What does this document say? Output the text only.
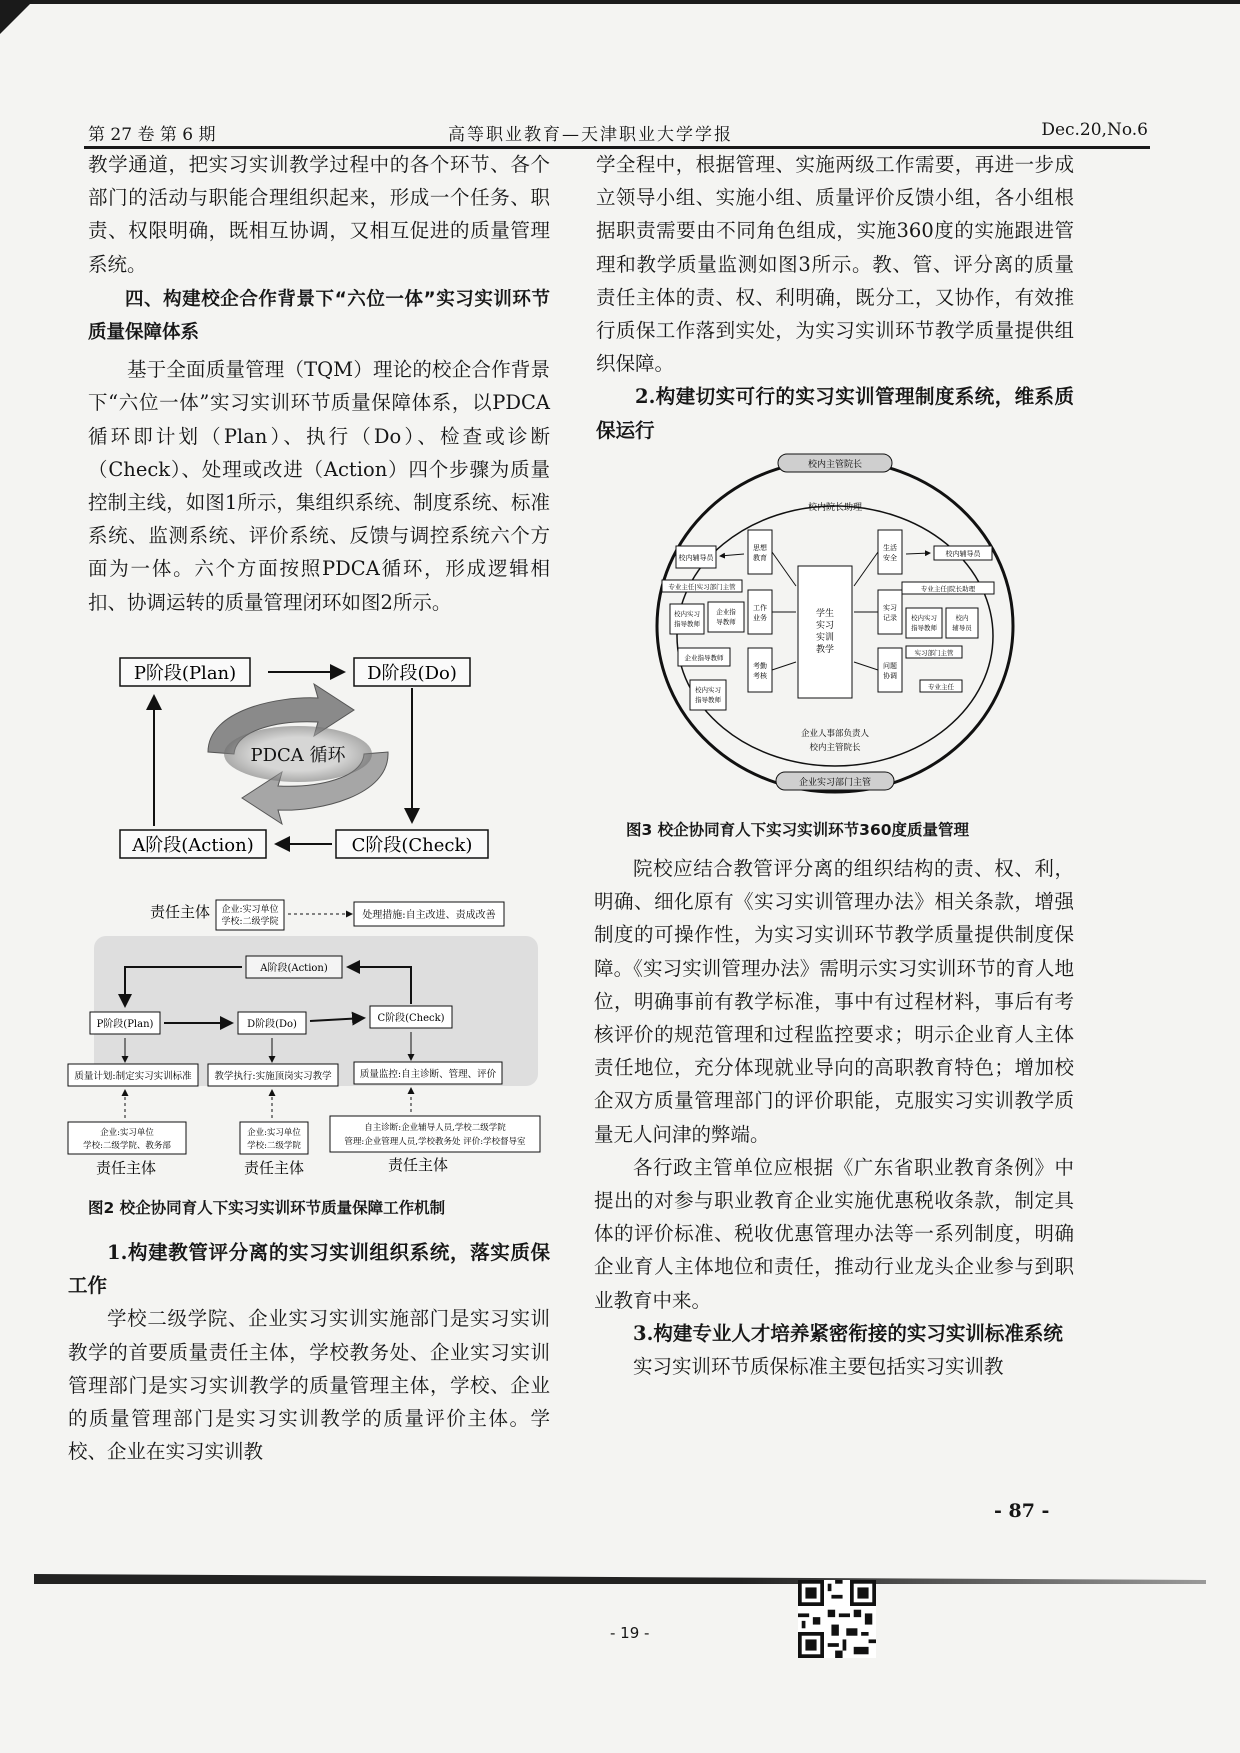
第 27 卷 第 6 期	高等职业教育—天津职业大学学报	Dec.20,No.6

教学通道，把实习实训教学过程中的各个环节、各个部门的活动与职能合理组织起来，形成一个任务、职责、权限明确，既相互协调，又相互促进的质量管理系统。

四、构建校企合作背景下“六位一体”实习实训环节质量保障体系

基于全面质量管理（TQM）理论的校企合作背景下“六位一体”实习实训环节质量保障体系，以PDCA循环即计划（Plan）、执行（Do）、检查或诊断（Check）、处理或改进（Action）四个步骤为质量控制主线，如图1所示，集组织系统、制度系统、标准系统、监测系统、评价系统、反馈与调控系统六个方面为一体。六个方面按照PDCA循环，形成逻辑相扣、协调运转的质量管理闭环如图2所示。

P阶段(Plan)	D阶段(Do)
A阶段(Action)	C阶段(Check)
PDCA 循环
责任主体 企业:实习单位
学校:二级学院
处理措施:自主改进、责成改善
A阶段(Action)
P阶段(Plan)	D阶段(Do)
C阶段(Check)
质量计划:制定实习实训标准 教学执行:实施顶岗实习教学	质量监控:自主诊断、管理、评价
企业:实习单位
学校:二级学院、教务部
企业:实习单位
学校:二级学院
自主诊断:企业辅导人员,学校二级学院
管理:企业管理人员,学校教务处 评价:学校督导室
责任主体	责任主体	责任主体
图2 校企协同育人下实习实训环节质量保障工作机制

1.构建教管评分离的实习实训组织系统，落实质保工作

学校二级学院、企业实习实训实施部门是实习实训教学的首要质量责任主体，学校教务处、企业实习实训管理部门是实习实训教学的质量管理主体，学校、企业的质量管理部门是实习实训教学的质量评价主体。学校、企业在实习实训教

学全程中，根据管理、实施两级工作需要，再进一步成立领导小组、实施小组、质量评价反馈小组，各小组根据职责需要由不同角色组成，实施360度的实施跟进管理和教学质量监测如图3所示。教、管、评分离的质量责任主体的责、权、利明确，既分工，又协作，有效推行质保工作落到实处，为实习实训环节教学质量提供组织保障。

2.构建切实可行的实习实训管理制度系统，维系质保运行

校内主管院长
校内院长助理
学生
实习
实训
教学
思想
教育
生活
安全
工作
业务
实习
记录
考勤
考核
问题
协调
校内辅导员	校内辅导员
专业主任|实习部门主管	专业主任|院长助理
校内实习
指导教师
企业指
导教师
企业指导教师
校内实习
指导教师
校内实习
指导教师
校内
辅导员
实习部门主管
专业主任
企业人事部负责人
校内主管院长
企业实习部门主管
图3 校企协同育人下实习实训环节360度质量管理

院校应结合教管评分离的组织结构的责、权、利，明确、细化原有《实习实训管理办法》相关条款，增强制度的可操作性，为实习实训环节教学质量提供制度保障。《实习实训管理办法》需明示实习实训环节的育人地位，明确事前有教学标准，事中有过程材料，事后有考核评价的规范管理和过程监控要求；明示企业育人主体责任地位，充分体现就业导向的高职教育特色；增加校企双方质量管理部门的评价职能，克服实习实训教学质量无人问津的弊端。

各行政主管单位应根据《广东省职业教育条例》中提出的对参与职业教育企业实施优惠税收条款，制定具体的评价标准、税收优惠管理办法等一系列制度，明确企业育人主体地位和责任，推动行业龙头企业参与到职业教育中来。

3.构建专业人才培养紧密衔接的实习实训标准系统

实习实训环节质保标准主要包括实习实训教

- 87 -
- 19 -
